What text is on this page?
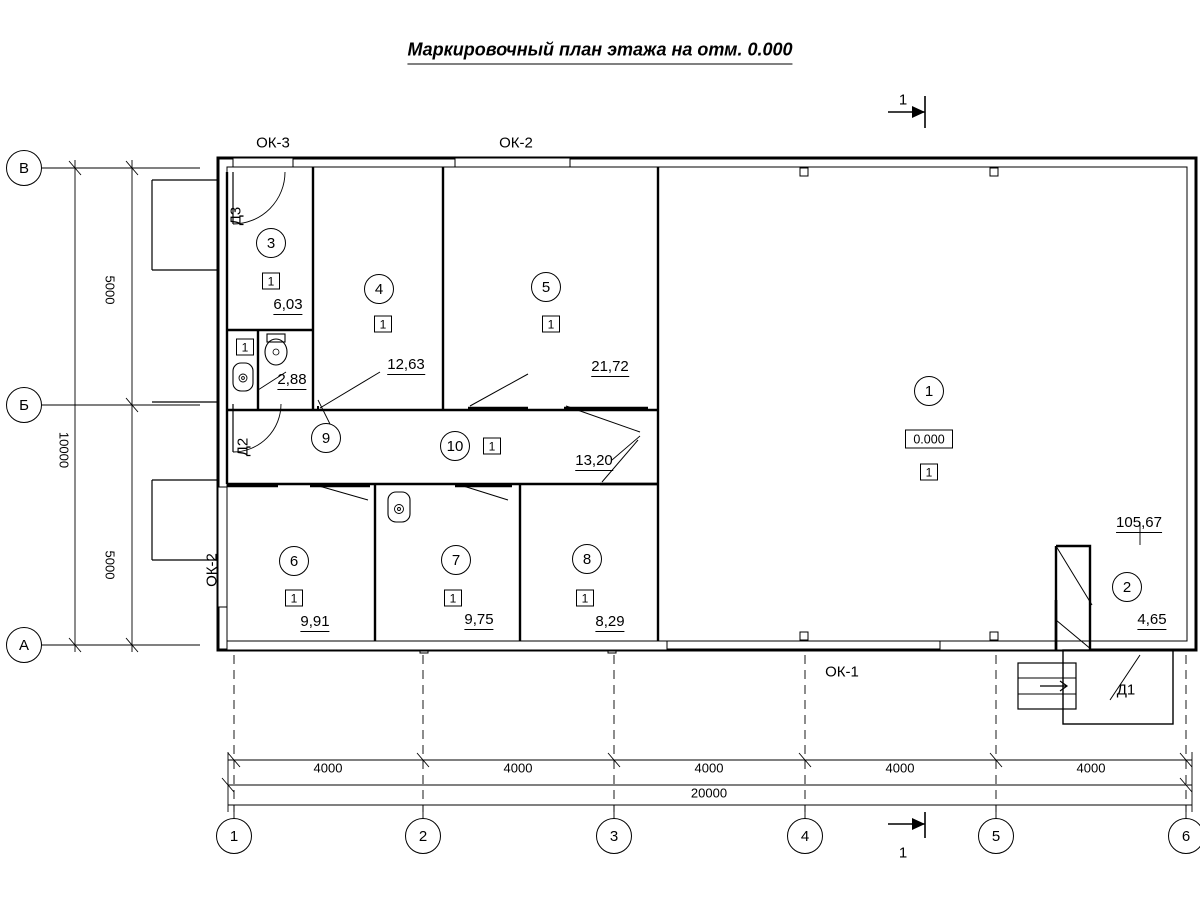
Маркировочный план этажа на отм. 0.000
1
1
В
Б
А
1	2	3	4	5	6
5000
5000
10000
4000	4000	4000	4000	4000
20000
ОК-3	ОК-2
ОК-1
ОК-2
Д3
Д2
Д1
1
0.000
1
105,67
2
4,65
3
1
6,03
4
1
12,63
5
1
21,72
6
1
9,91
7
1
9,75
8
1
8,29
9
1
2,88
10	1
13,20
